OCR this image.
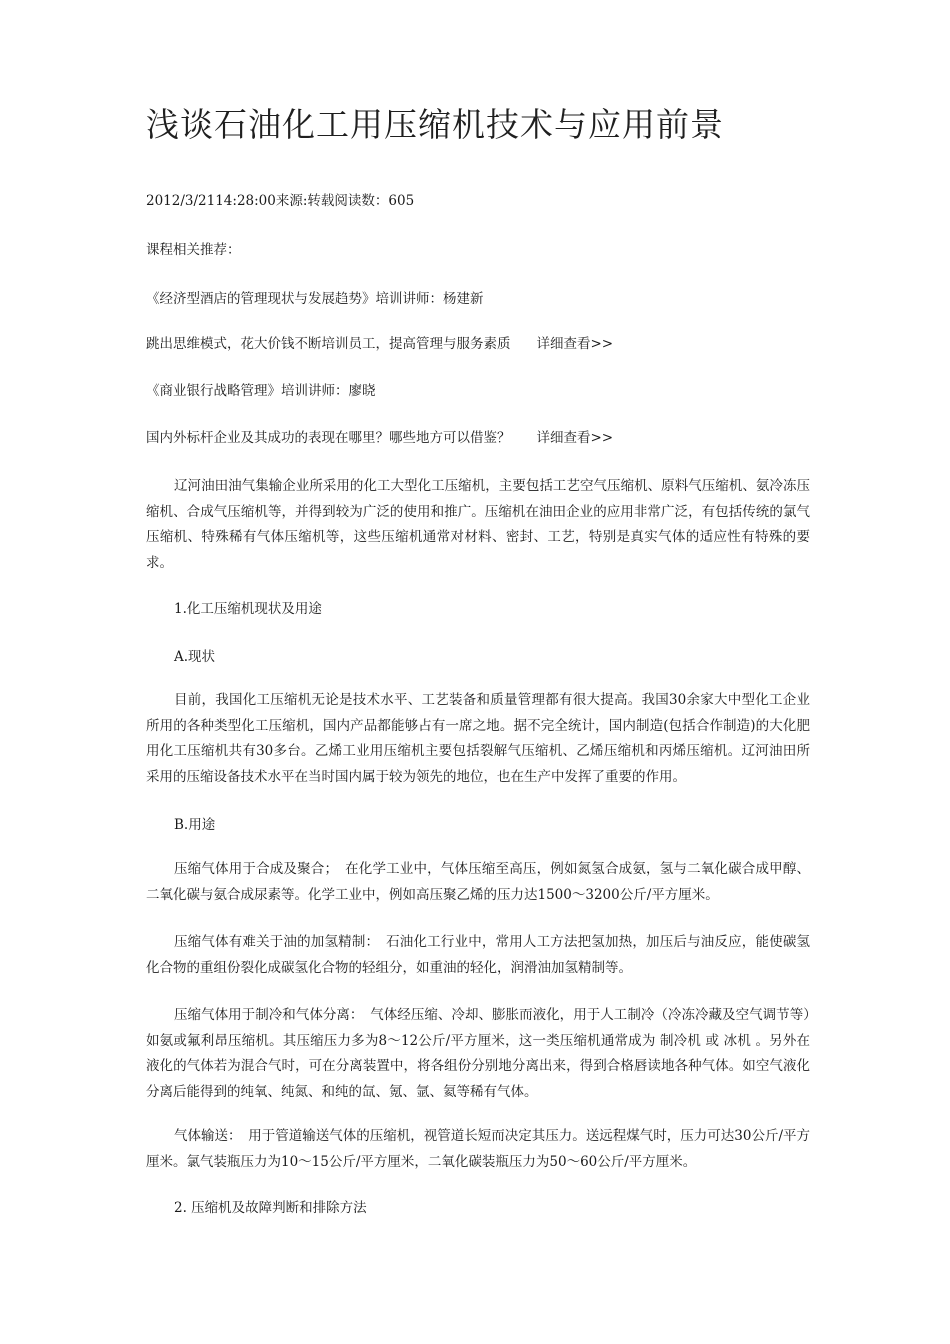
浅谈石油化工用压缩机技术与应用前景

2012/3/2114:28:00来源:转载阅读数：605

课程相关推荐：

《经济型酒店的管理现状与发展趋势》培训讲师：杨建新

跳出思维模式，花大价钱不断培训员工，提高管理与服务素质 详细查看>>

《商业银行战略管理》培训讲师：廖晓

国内外标杆企业及其成功的表现在哪里？哪些地方可以借鉴？ 详细查看>>

辽河油田油气集输企业所采用的化工大型化工压缩机，主要包括工艺空气压缩机、原料气压缩机、氨冷冻压缩机、合成气压缩机等，并得到较为广泛的使用和推广。压缩机在油田企业的应用非常广泛，有包括传统的氯气压缩机、特殊稀有气体压缩机等，这些压缩机通常对材料、密封、工艺，特别是真实气体的适应性有特殊的要求。

1.化工压缩机现状及用途

A.现状

目前，我国化工压缩机无论是技术水平、工艺装备和质量管理都有很大提高。我国30余家大中型化工企业所用的各种类型化工压缩机，国内产品都能够占有一席之地。据不完全统计，国内制造(包括合作制造)的大化肥用化工压缩机共有30多台。乙烯工业用压缩机主要包括裂解气压缩机、乙烯压缩机和丙烯压缩机。辽河油田所采用的压缩设备技术水平在当时国内属于较为领先的地位，也在生产中发挥了重要的作用。

B.用途

压缩气体用于合成及聚合；　在化学工业中，气体压缩至高压，例如氮氢合成氨，氢与二氧化碳合成甲醇、二氧化碳与氨合成尿素等。化学工业中，例如高压聚乙烯的压力达1500～3200公斤/平方厘米。

压缩气体有难关于油的加氢精制：　石油化工行业中，常用人工方法把氢加热，加压后与油反应，能使碳氢化合物的重组份裂化成碳氢化合物的轻组分，如重油的轻化，润滑油加氢精制等。

压缩气体用于制冷和气体分离：　气体经压缩、冷却、膨胀而液化，用于人工制冷（冷冻冷藏及空气调节等）如氨或氟利昂压缩机。其压缩压力多为8～12公斤/平方厘米，这一类压缩机通常成为 制冷机 或 冰机 。另外在液化的气体若为混合气时，可在分离装置中，将各组份分别地分离出来，得到合格唇读地各种气体。如空气液化分离后能得到的纯氧、纯氮、和纯的氙、氪、氩、氦等稀有气体。

气体输送：　用于管道输送气体的压缩机，视管道长短而决定其压力。送远程煤气时，压力可达30公斤/平方厘米。氯气装瓶压力为10～15公斤/平方厘米，二氧化碳装瓶压力为50～60公斤/平方厘米。

2. 压缩机及故障判断和排除方法
